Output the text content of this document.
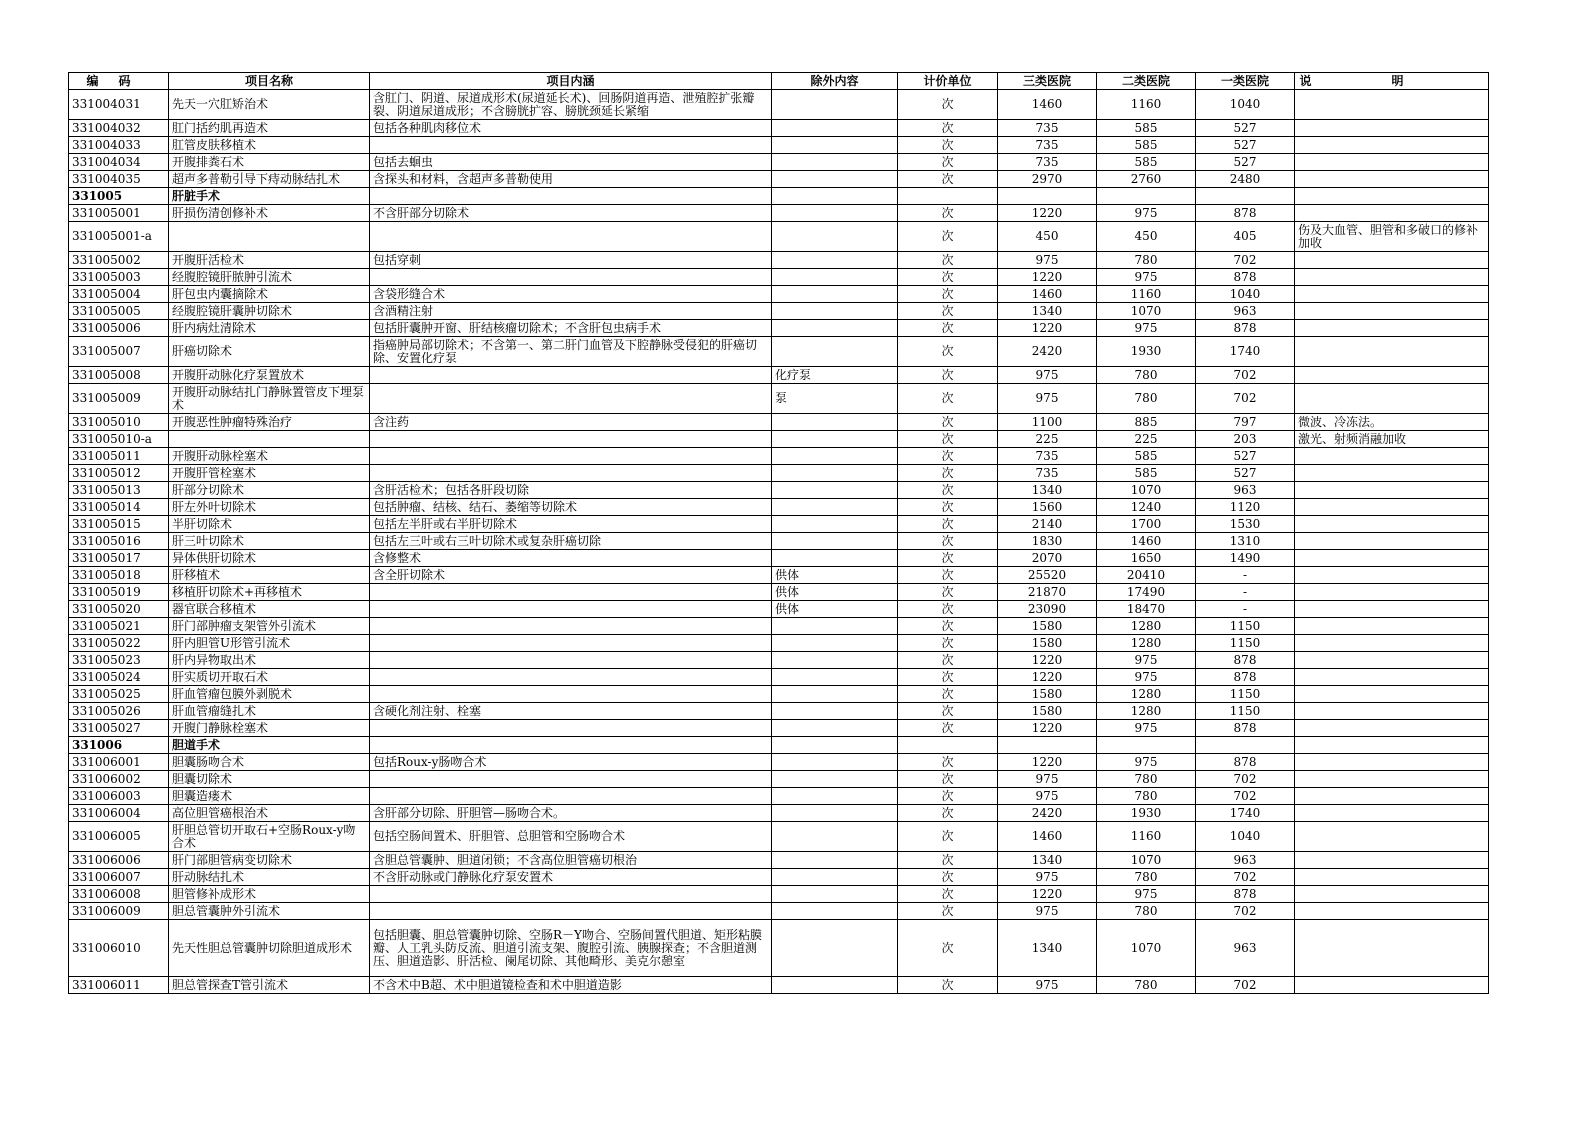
编码	项目名称	项目内涵	除外内容	计价单位	三类医院	二类医院	一类医院	说明
331004031	先天一穴肛矫治术	含肛门、阴道、尿道成形术(尿道延长术)、回肠阴道再造、泄殖腔扩张瓣裂、阴道尿道成形；不含膀胱扩容、膀胱颈延长紧缩		次	1460	1160	1040	
331004032	肛门括约肌再造术	包括各种肌肉移位术		次	735	585	527	
331004033	肛管皮肤移植术			次	735	585	527	
331004034	开腹排粪石术	包括去蛔虫		次	735	585	527	
331004035	超声多普勒引导下痔动脉结扎术	含探头和材料，含超声多普勒使用		次	2970	2760	2480	
331005	肝脏手术							
331005001	肝损伤清创修补术	不含肝部分切除术		次	1220	975	878	
331005001-a				次	450	450	405	伤及大血管、胆管和多破口的修补加收
331005002	开腹肝活检术	包括穿刺		次	975	780	702	
331005003	经腹腔镜肝脓肿引流术			次	1220	975	878	
331005004	肝包虫内囊摘除术	含袋形缝合术		次	1460	1160	1040	
331005005	经腹腔镜肝囊肿切除术	含酒精注射		次	1340	1070	963	
331005006	肝内病灶清除术	包括肝囊肿开窗、肝结核瘤切除术；不含肝包虫病手术		次	1220	975	878	
331005007	肝癌切除术	指癌肿局部切除术；不含第一、第二肝门血管及下腔静脉受侵犯的肝癌切除、安置化疗泵		次	2420	1930	1740	
331005008	开腹肝动脉化疗泵置放术		化疗泵	次	975	780	702	
331005009	开腹肝动脉结扎门静脉置管皮下埋泵术		泵	次	975	780	702	
331005010	开腹恶性肿瘤特殊治疗	含注药		次	1100	885	797	微波、冷冻法。
331005010-a				次	225	225	203	激光、射频消融加收
331005011	开腹肝动脉栓塞术			次	735	585	527	
331005012	开腹肝管栓塞术			次	735	585	527	
331005013	肝部分切除术	含肝活检术；包括各肝段切除		次	1340	1070	963	
331005014	肝左外叶切除术	包括肿瘤、结核、结石、萎缩等切除术		次	1560	1240	1120	
331005015	半肝切除术	包括左半肝或右半肝切除术		次	2140	1700	1530	
331005016	肝三叶切除术	包括左三叶或右三叶切除术或复杂肝癌切除		次	1830	1460	1310	
331005017	异体供肝切除术	含修整术		次	2070	1650	1490	
331005018	肝移植术	含全肝切除术	供体	次	25520	20410	-	
331005019	移植肝切除术+再移植术		供体	次	21870	17490	-	
331005020	器官联合移植术		供体	次	23090	18470	-	
331005021	肝门部肿瘤支架管外引流术			次	1580	1280	1150	
331005022	肝内胆管U形管引流术			次	1580	1280	1150	
331005023	肝内异物取出术			次	1220	975	878	
331005024	肝实质切开取石术			次	1220	975	878	
331005025	肝血管瘤包膜外剥脱术			次	1580	1280	1150	
331005026	肝血管瘤缝扎术	含硬化剂注射、栓塞		次	1580	1280	1150	
331005027	开腹门静脉栓塞术			次	1220	975	878	
331006	胆道手术							
331006001	胆囊肠吻合术	包括Roux-y肠吻合术		次	1220	975	878	
331006002	胆囊切除术			次	975	780	702	
331006003	胆囊造瘘术			次	975	780	702	
331006004	高位胆管癌根治术	含肝部分切除、肝胆管—肠吻合术。		次	2420	1930	1740	
331006005	肝胆总管切开取石+空肠Roux-y吻合术	包括空肠间置术、肝胆管、总胆管和空肠吻合术		次	1460	1160	1040	
331006006	肝门部胆管病变切除术	含胆总管囊肿、胆道闭锁；不含高位胆管癌切根治		次	1340	1070	963	
331006007	肝动脉结扎术	不含肝动脉或门静脉化疗泵安置术		次	975	780	702	
331006008	胆管修补成形术			次	1220	975	878	
331006009	胆总管囊肿外引流术			次	975	780	702	
331006010	先天性胆总管囊肿切除胆道成形术	包括胆囊、胆总管囊肿切除、空肠R－Y吻合、空肠间置代胆道、矩形粘膜瓣、人工乳头防反流、胆道引流支架、腹腔引流、胰腺探查；不含胆道测压、胆道造影、肝活检、阑尾切除、其他畸形、美克尔憩室		次	1340	1070	963	
331006011	胆总管探查T管引流术	不含术中B超、术中胆道镜检查和术中胆道造影		次	975	780	702	
